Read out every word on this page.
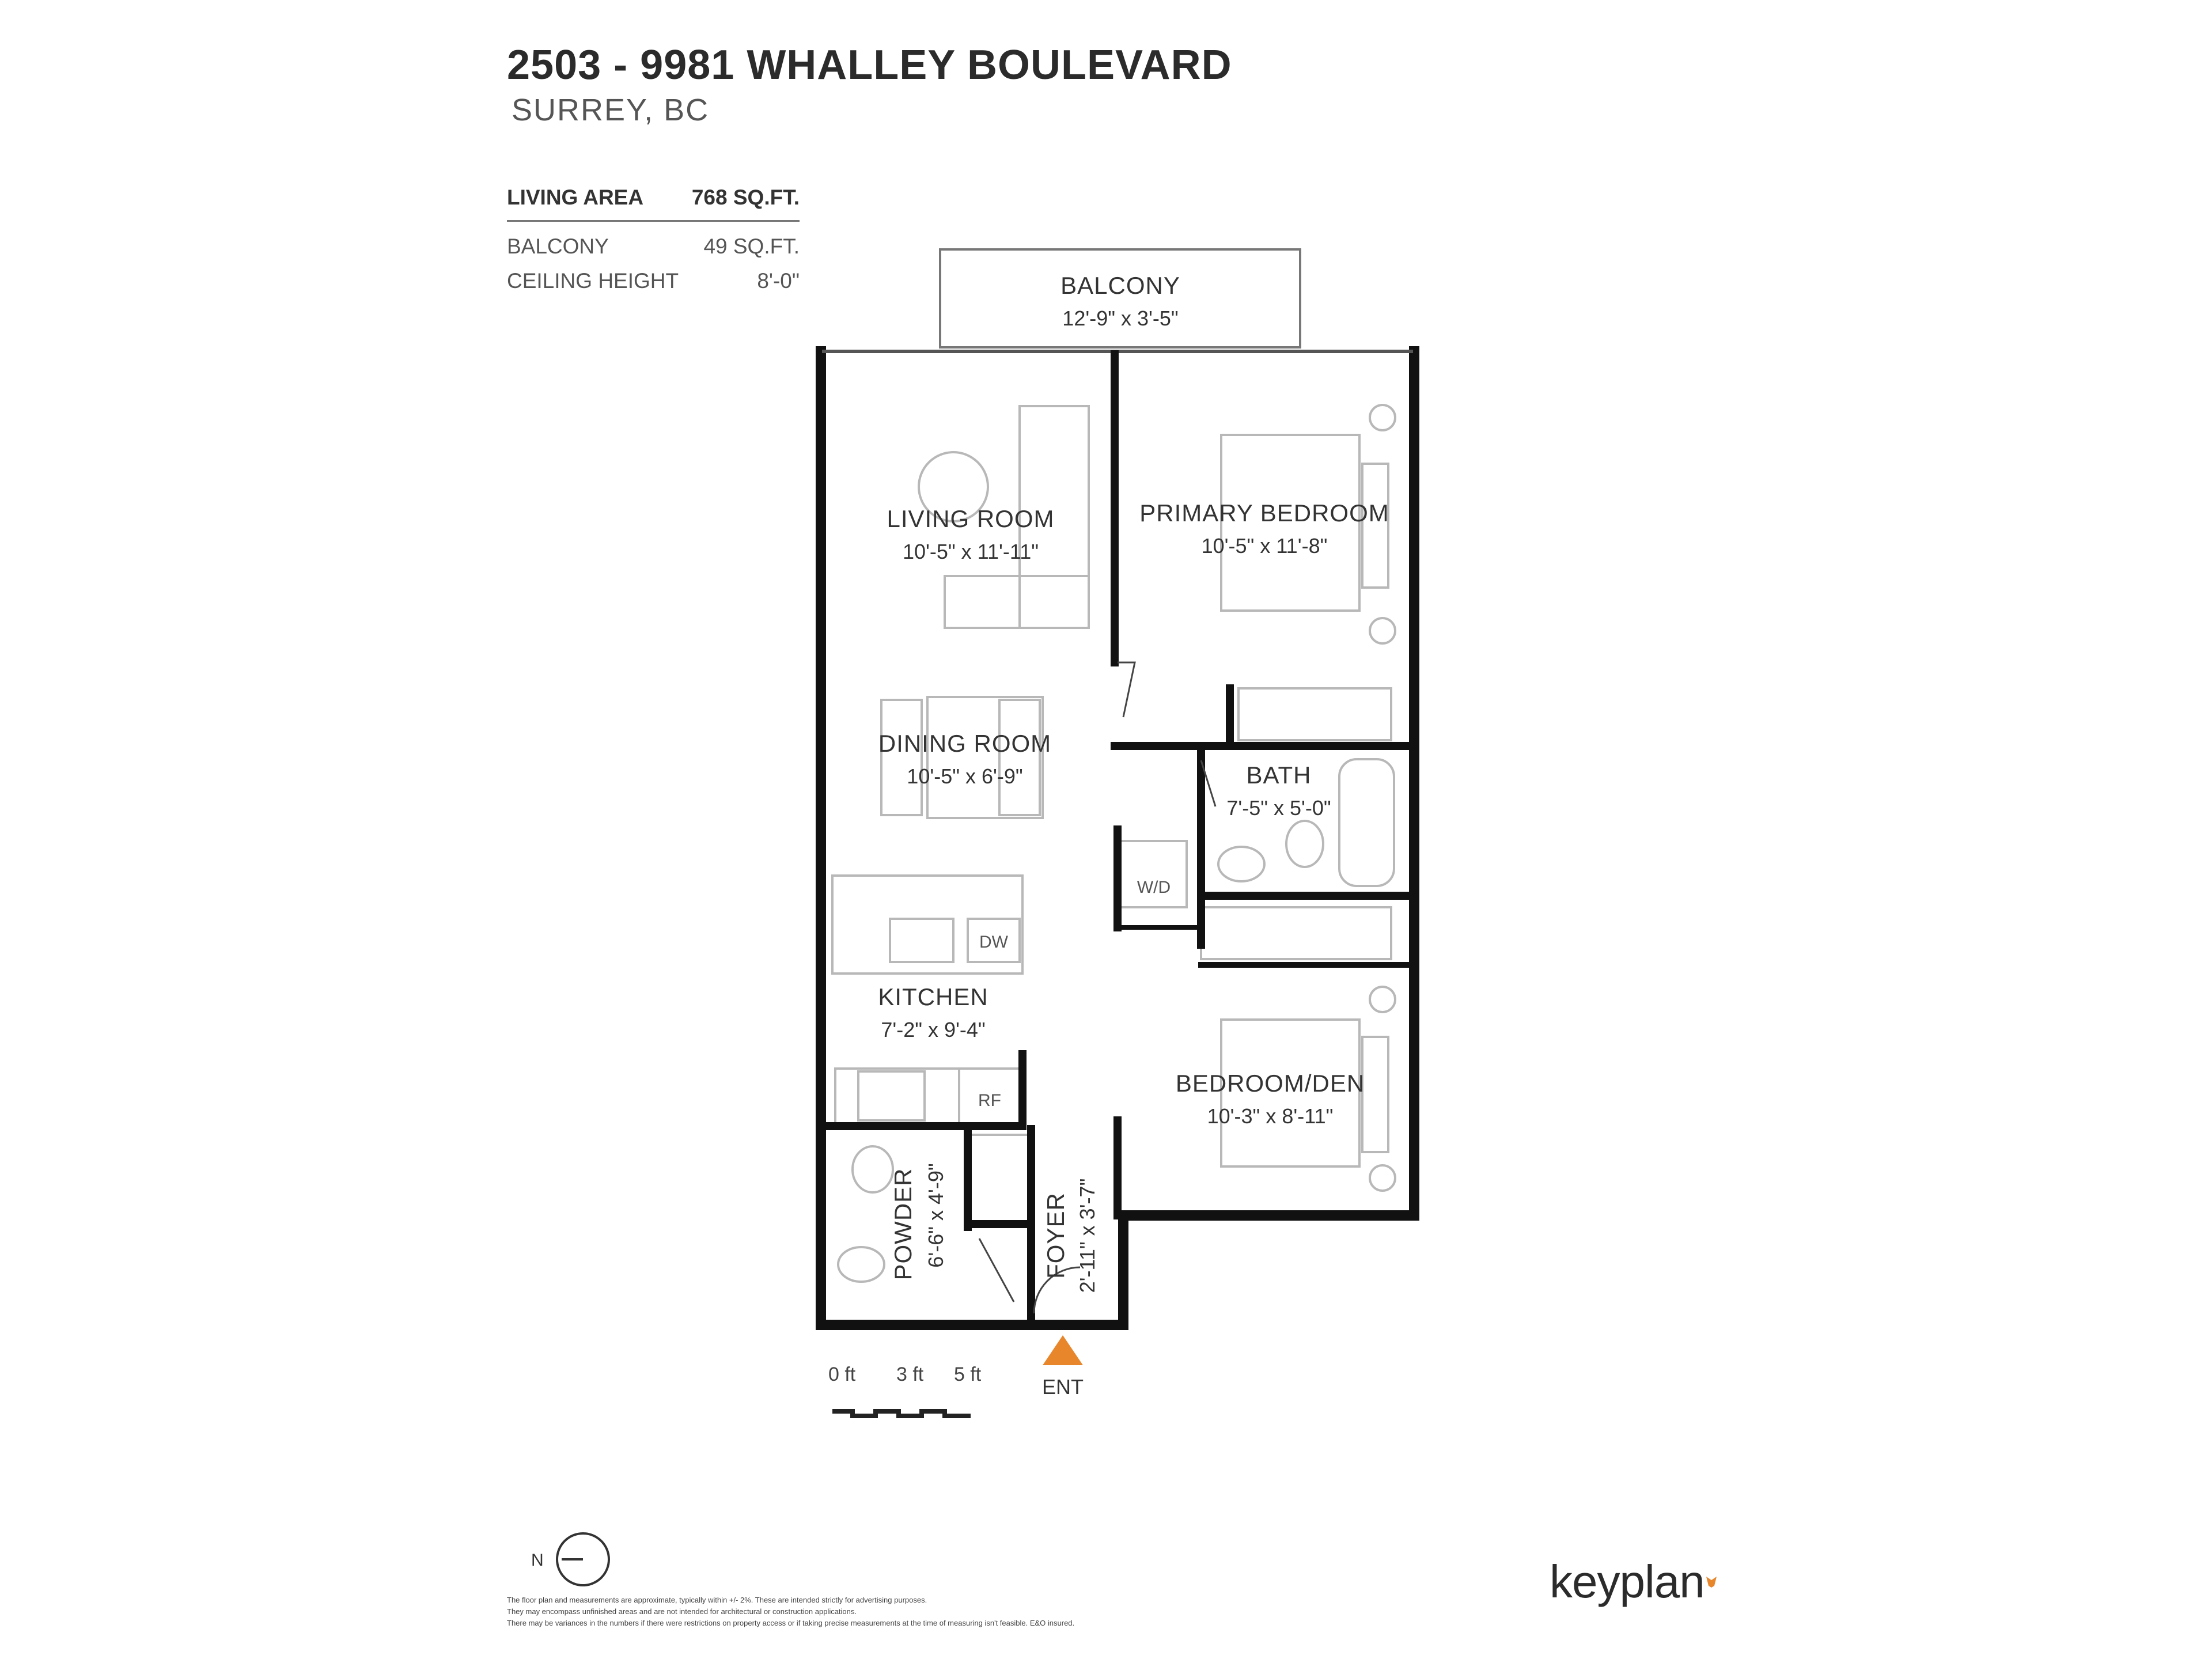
2503 - 9981 WHALLEY BOULEVARD
SURREY, BC
LIVING AREA 768 SQ.FT.
BALCONY	49 SQ.FT.
CEILING HEIGHT	8'-0"	BALCONY
12'-9" x 3'-5"
LIVING ROOM
10'-5" x 11'-11"
PRIMARY BEDROOM
10'-5" x 11'-8"
DINING ROOM
10'-5" x 6'-9"	BATH
7'-5" x 5'-0"
KITCHEN
7'-2" x 9'-4"
BEDROOM/DEN
10'-3" x 8'-11"
POWDER 6'-6" x 4'-9"	FOYER 2'-11" x 3'-7"
W/D
DW
RF
ENT
0 ft 3 ft 5 ft
N
The floor plan and measurements are approximate, typically within +/- 2%. These are intended strictly for advertising purposes.
They may encompass unfinished areas and are not intended for architectural or construction applications.
There may be variances in the numbers if there were restrictions on property access or if taking precise measurements at the time of measuring isn't feasible. E&O insured.
keyplan
